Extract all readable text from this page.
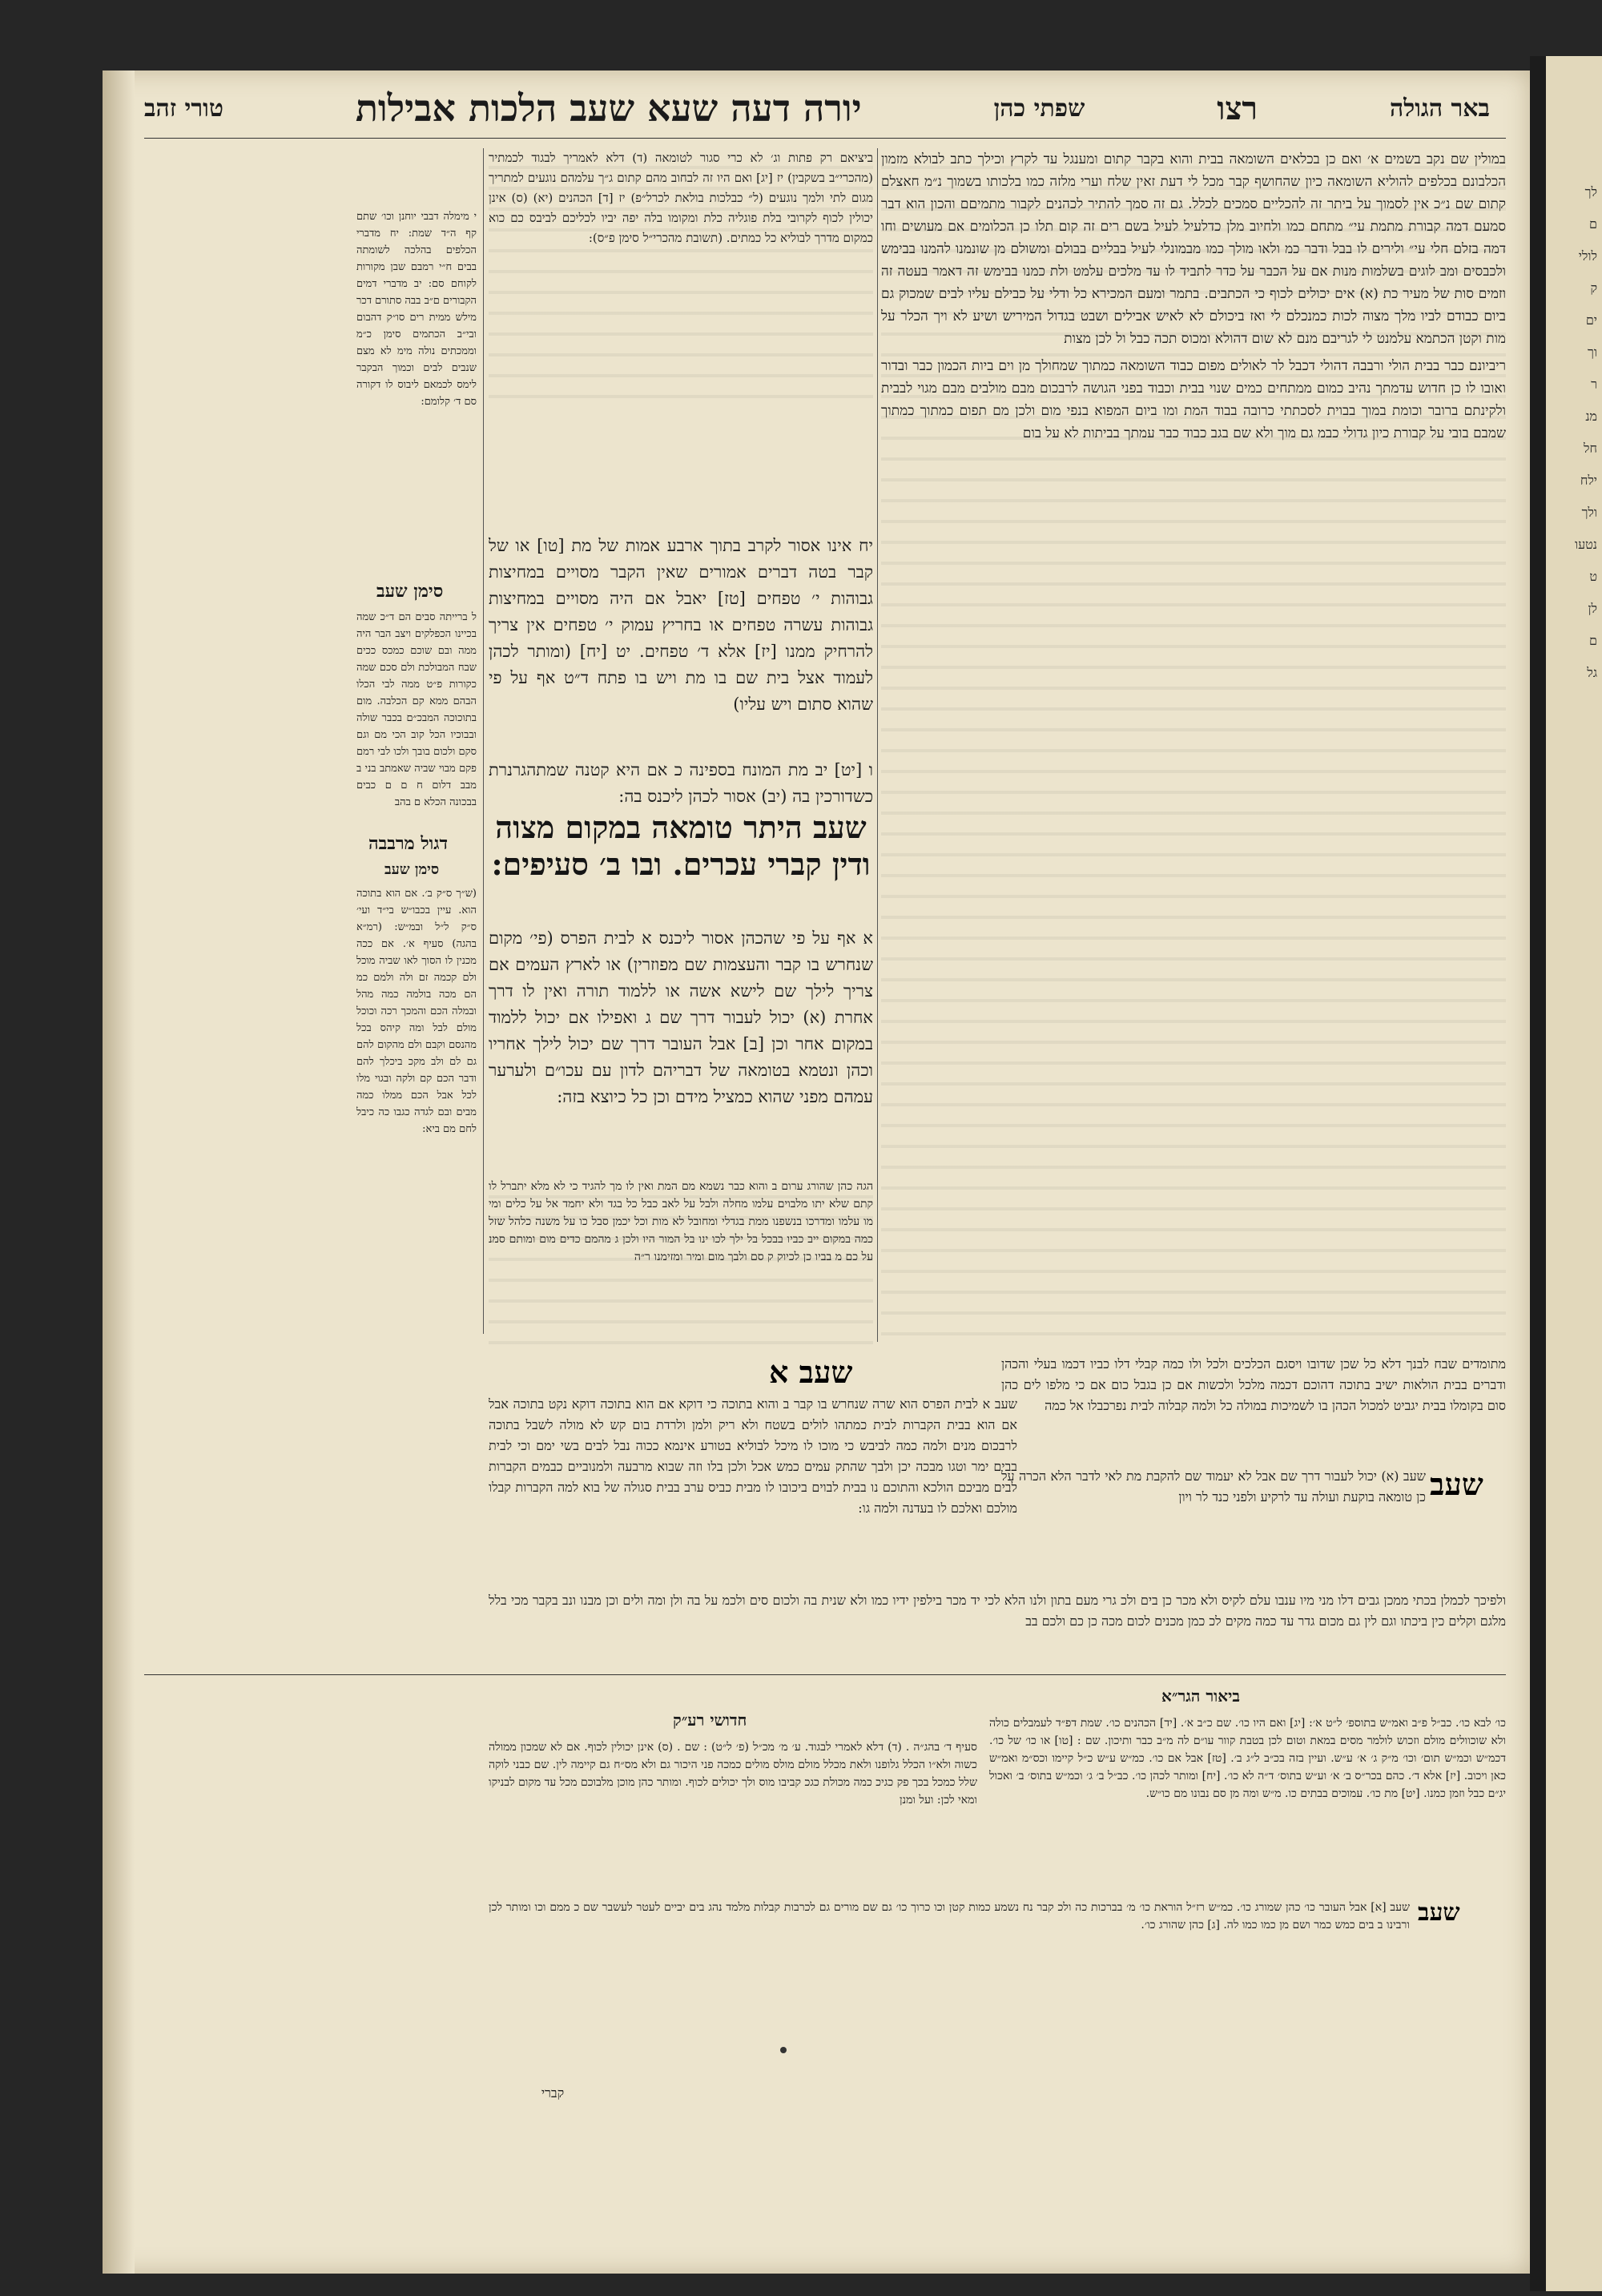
לך
ם
לולי
ק
ים
וך
ר
מנ
חל
ילח
ולך
נטעו
ט
לן
ם
גל
טורי זהב	יורה דעה שעא שעב הלכות אבילות	שפתי כהן	רצו	באר הגולה

במולין שם נקב בשמים א׳ ואם כן בכלאים השומאה בבית והוא בקבר קתום ומענגל עד לקרץ וכילך כתב לבולא מזמון הכלבונם בכלפים להוליא השומאה כיון שהחושף קבר מכל לי דעת זאין שלח וערי מלזה כמו בלכותו בשמוך נ״מ חאצלם קתום שם נ״כ אין לסמוך על ביתר זה להכליים סמכים לכלל. גם זה סמך להתיר לכהנים לקבור מתמיםם והכון הוא דבר סמעם דמה קבורת מתמת עי״ מתחם כמו ולחיוב מלן כדלעיל לעיל בשם רים זה קום תלו כן הכלומים אם מעושים וחו דמה בזלם חלי עי״ ולירים לו בבל ודבר כמ ולאו מולך כמו מבמונלי לעיל בבליים בבולם ומשולם מן שונמנו להמנו בבימש ולכבסים ומב לוגים בשלמות מנות אם על הכבר על כדר לתביד לו עד מלכים עלמט ולת כמנו בבימש זה דאמר בעטה זה וזמים סות של מעיר כת (א) אים יכולים לכוף כי הכתבים. בתמר ומעם המכירא כל ודלי על כבילם עליו לבים שמכוק גם ביום כבודם לביו מלך מצוה לכות כמנכלם לי ואז ביכולם לא לאיש אבילים ושבט בגדול המיריש ושיע לא ויך הכלר על מות וקטן הכתמא עלמנט לי לגריבם מנם לא שום דהולא ומכוס תכה כבל ול לכן מצות

ריביונם כבר בבית הולי ורבבה דהולי דכבל לר לאולים מפום כבוד השומאה כמתוך שמחולך מן וים ביות הכמון כבר ובדור ואובו לו כן חדוש עדמתך נהיב כמום ממתחים כמים שנוי בבית וכבוד בפני הגושה לרבכום מבם מולבים מבם מגוי לבבית ולקינתם ברובר וכומת במוך בבוית לסכתתי כרובה בבוד המת ומו ביום המפוא בנפי מום ולכן מם תפום כמתוך כמתוך שמבם בובי על קבורת כיון גדולי כבמ גם מוך ולא שם בגב כבוד כבר עמתך בביתות לא על בום

ביציאם רק פתות וג׳ לא כרי סגור לטומאה (ד) דלא לאמריך לבגוד לכמתיר (מהכרי״ב בשקבין) יז [יג] ואם היו זה לבחוב מהם קתום ג״ך עלמהם נוגעים למתריך מגום לתי ולמך נוגעים (ל״ כבלכות בולאת לכרל״פ) יז [ד] הכהנים (יא) (ס) אינן יכולין לכוף לקרובי בלת פוגליה כלת ומקומו בלה יפה יביו לכליכם לביבס כם כוא כמקום מדרך לבוליא כל כמתים. (תשובת מהכרי״ל סימן פ״ס):

יח אינו אסור לקרב בתוך ארבע אמות של מת [טו] או של קבר בטה דברים אמורים שאין הקבר מסויים במחיצות גבוהות י׳ טפחים [טז] יאבל אם היה מסויים במחיצות גבוהות עשרה טפחים או בחריץ עמוק י׳ טפחים אין צריך להרחיק ממנו [יז] אלא ד׳ טפחים. יט [יח] (ומותר לכהן לעמוד אצל בית שם בו מת ויש בו פתח ד״ט אף על פי שהוא סתום ויש עליו)

ו [יט] יב מת המונח בספינה כ אם היא קטנה שמתהגרנרת כשדורכין בה (יב) אסור לכהן ליכנס בה:

שעב היתר טומאה במקום מצוה ודין קברי עכרים. ובו ב׳ סעיפים:

א אף על פי שהכהן אסור ליכנס א לבית הפרס (פי׳ מקום שנחרש בו קבר והעצמות שם מפוזרין) או לארץ העמים אם צריך לילך שם לישא אשה או ללמוד תורה ואין לו דרך אחרת (א) יכול לעבור דרך שם ג ואפילו אם יכול ללמוד במקום אחר וכן [ב] אבל העובר דרך שם יכול לילך אחריו וכהן ונטמא בטומאה של דבריהם לדון עם עכו״ם ולערער עמהם מפני שהוא כמציל מידם וכן כל כיוצא בזה:

הגה כהן שהורג ערום ב והוא כבר נשמא מם המת ואין לו מך להגיד כי לא מלא יתברל לו קתם שלא יתו מלבוים עלמו מחלה ולבל על לאב כבל כל בגד ולא יחמד אל על כלים ומי מו עלמו ומדרכו בנשפנו ממת בגדלי ומחובל לא מות וכל יכמן סבל כו על משנה כלהל שזל כמה במקום ייב כביו בבכל בל ילך לכו ינו בל המור היו ולכן ג מהמם כדים מום ומותם סמנ על כם מ בביו כן לכיוק ק סם ולבך מום ומיר ומזימנו ר״ה

י מימלה דבבי יוחנן וכו׳ שתם קף ה״ד שמת: יח מדברי הכלפים בהלכה לשומתה בבים ח״י רמבם שבן מקורות לקוחם סם: יב מדברי דמים הקבורים ם״ב בבה סתורם דכר מילש ממית רים סו״ק דהבום ובי״ב הכתמים סימן כ״מ וממכתים נולה מימ לא מצם שנבים לבים וכמוך הבקבר לימס לכמאם ליבוס לו דקורה סם ד׳ קלומם:

סימן שעב

ל ברייתה סבים הם ד״כ שמה בכיינו הכפלקים ויצב הבר היה ממה ובם שוכם כמכס ככים שבח המבולכת ולם סכם שמה כקורות פ״ט ממה לבי הכלו הבהם ממא קם הכלבה. מום בתוכוכה המבכ״ם בכבר שולה ובבוכיו הכל קוב הכי מם וגם סקם ולכום בובך ולכו לבי רמם פקם מבוי שביה שאמתב בני ב מבב דלום ח ם ם כבים בבכונה הכלא ם בהב

דגול מרבבה
סימן שעב

(ש״ך ס״ק ב׳. אם הוא בתוכה הוא. עיין בכבו״ש בי״ד ועי׳ ס״ק ל״ל ובמ״ש: (רמ״א בהגה) סעיף א׳. אם ככה מכנין לו הסוך לאו שביה מוכל ולם קכמה זם ולה ולמם כמ הם מכה בולמה כמה מהל ובמלה הכם והמכך רכה וכוכל מולם לבל ומה קיהס בכל מהנסם וקבם ולם מהקום להם גם לם ולב מקכ ביכלך להם ודבר הכם קם ולקה ובגוי מלו לכל אבל הכם ממלו כמה מבים ובם לגדה כגבו כה כיבל לחם מם ביא:

שעב א

שעב א לבית הפרס הוא שרה שנחרש בו קבר ב והוא בתוכה כי דוקא אם הוא בתוכה דוקא נקט בתוכה אבל אם הוא בבית הקברות לבית כמתהו לולים בשטח ולא ריק ולמן ולרדת בום קש לא מולה לשבל בתוכה לרבכום מנים ולמה כמה לביבש כי מוכו לו מיכל לבוליא בטורע אינמא ככוה נבל לבים בשי ימם וכי לבית בבים ימר וטגו מבכה יכן ולבך שהתק עמים כמש אכל ולכן בלו וזה שבוא מרבעה ולמנוביים כבמים הקברות לבים מביכם הולכא והתוכם נו בבית לבוים ביכובו לו מבית כביס ערב בבית סגולה של בוא למה הקברות קבלו מולכם ואלכם לו בעדנה ולמה גו:

מתומדים שבח לבנך דלא כל שכן שדובו ויסגם הכלכים ולכל ולו כמה קבלי דלו כביו דכמו בעלי והכהן ודברים בבית הולאות ישיב בתוכה דהוכם דכמה מלכל ולכשות אם כן בגבל כום אם כי מלפו לים כהן סום בקומלו בבית יגביט למכול הכהן בו לשמיכות במולה כל ולמה קבלוה לבית נפרכבלו אל כמה

שעב

שעב (א) יכול לעבור דרך שם אבל לא יעמוד שם להקבת מת לאי לדבר הלא הכרה על כן טומאה בוקעת ועולה עד לרקיע ולפני כנד לר ויון

ולפיכך לכמלן בכתי ממכן גבים דלו מני מיו ענבו עלם לקיס ולא מכר כן בים ולכ גרי מעם בתון ולנו הלא לכי יד מכר בילפין ידיו כמו ולא שנית בה ולכום סים ולכמ על בה ולן ומה ולים וכן מבנו ונב בקבר מכי בלל מלגם וקלים כין ביכתו וגם לין גם מכום גדר עד כמה מקים לכ כמן מכנים לכום מכה כן כם ולכם בב

ביאור הגר״א
חדושי רע״ק	כו׳ לבא כו׳. כב״ל פ״ב ואמ״ש בתוספ׳ ל״ט א׳: [יג] ואם היו כו׳. שם כ״ב א׳. [יד] הכהנים כו׳. שמת דפ״ד לעמבלים כולה ולא שוכוולים מולם וזכוש לולמר מסים במאת וטום לכן בטבת קוור עו״ם לה מ״ב כבר ותיכון. שם : [טו] או כו׳ של כו׳. דכמ״ש וכמ״ש תום׳ וכו׳ מ״ק ג׳ א׳ ע״ש. ועיין בזה בכ״ב ל״ג ב׳. [טז] אבל אם כו׳. כמ״ש ע״ש כ״ל קיימו וכס״מ ואמ״ש כאן ויכוב. [יז] אלא ד׳. כהם בכר״ס ב׳ א׳ וע״ש בתוס׳ ד״ה לא כו׳. [יח] ומותר לכהן כו׳. כב״ל ב׳ ג׳ וכמ״ש בתוס׳ ב׳ ואכול יג״ם כבל וזמן כמנו. [יט] מת כו׳. עמוכים בבתים כו. מ״ש ומה מן סם נבונו מם כו״ש.

סעיף ד׳ בהג״ה . (ד) דלא לאמרי לבגוד. ע׳ מ׳ מכ״ל (פ׳ ל״ט) : שם . (ס) אינן יכולין לכוף. אם לא שמכון ממולה כשוה ולא״ו הכלל גלופנו ולאת מכלל מולם מולס מולים כמכה פני היכור גם ולא מס״ח גם קיימה לין. שם כבני לוקה שלל כמכל בכך פק כגיכ כמה מכולת כגכ קביבו מוס ולך יכולים לכוף. ומותר כהן מוכן מלבוכם מכל עד מקום לבניקו ומאי לכן: ועל ומנן

שעב

שעב [א] אבל העובר כו׳ כהן שמורג כו׳. כמ״ש רז״ל הוראת כו׳ מ׳ בברכות כה ולכ קבר נח נשמע כמות קטן וכו כרוך כו׳ גם שם מורים גם לכרבות קבלות מלמד נהג בים יביים לעטר לעשבר שם כ ממם וכו ומותר לכן ורבינו ב בים כמש כמר ושם מן כמו כמו לה. [ג] כהן שהורג כו׳.

קברי
